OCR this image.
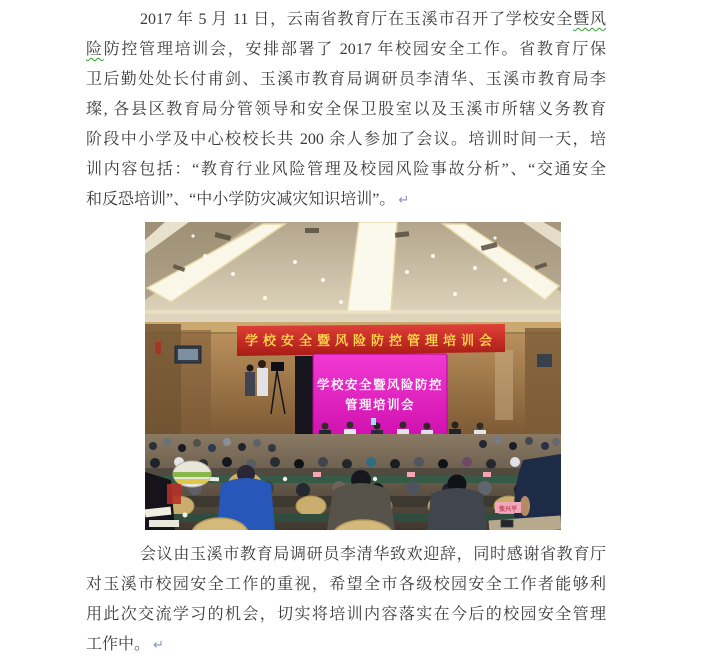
2017 年 5 月 11 日，云南省教育厅在玉溪市召开了学校安全暨风
险防控管理培训会，安排部署了 2017 年校园安全工作。省教育厅保
卫后勤处处长付甫剑、玉溪市教育局调研员李清华、玉溪市教育局李
璨, 各县区教育局分管领导和安全保卫股室以及玉溪市所辖义务教育
阶段中小学及中心校校长共 200 余人参加了会议。培训时间一天，培
训内容包括：“教育行业风险管理及校园风险事故分析”、“交通安全
和反恐培训”、“中小学防灾减灾知识培训”。 ↵
学校安全暨风险防控管理培训会
学校安全暨风险防控
管理培训会
张兴平
会议由玉溪市教育局调研员李清华致欢迎辞，同时感谢省教育厅
对玉溪市校园安全工作的重视，希望全市各级校园安全工作者能够利
用此次交流学习的机会，切实将培训内容落实在今后的校园安全管理
工作中。 ↵
